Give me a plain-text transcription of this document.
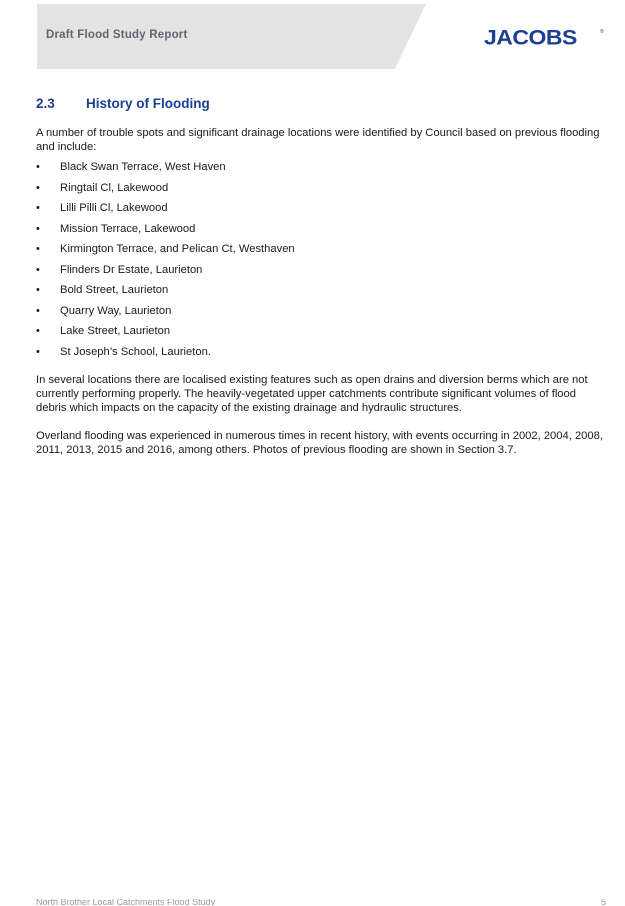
Draft Flood Study Report	JACOBS	®
2.3	History of Flooding

A number of trouble spots and significant drainage locations were identified by Council based on previous flooding and include:

•	Black Swan Terrace, West Haven
•	Ringtail Cl, Lakewood
•	Lilli Pilli Cl, Lakewood
•	Mission Terrace, Lakewood
•	Kirmington Terrace, and Pelican Ct, Westhaven
•	Flinders Dr Estate, Laurieton
•	Bold Street, Laurieton
•	Quarry Way, Laurieton
•	Lake Street, Laurieton
•	St Joseph’s School, Laurieton.

In several locations there are localised existing features such as open drains and diversion berms which are not currently performing properly. The heavily-vegetated upper catchments contribute significant volumes of flood debris which impacts on the capacity of the existing drainage and hydraulic structures.

Overland flooding was experienced in numerous times in recent history, with events occurring in 2002, 2004, 2008, 2011, 2013, 2015 and 2016, among others. Photos of previous flooding are shown in Section 3.7.

North Brother Local Catchments Flood Study	5
